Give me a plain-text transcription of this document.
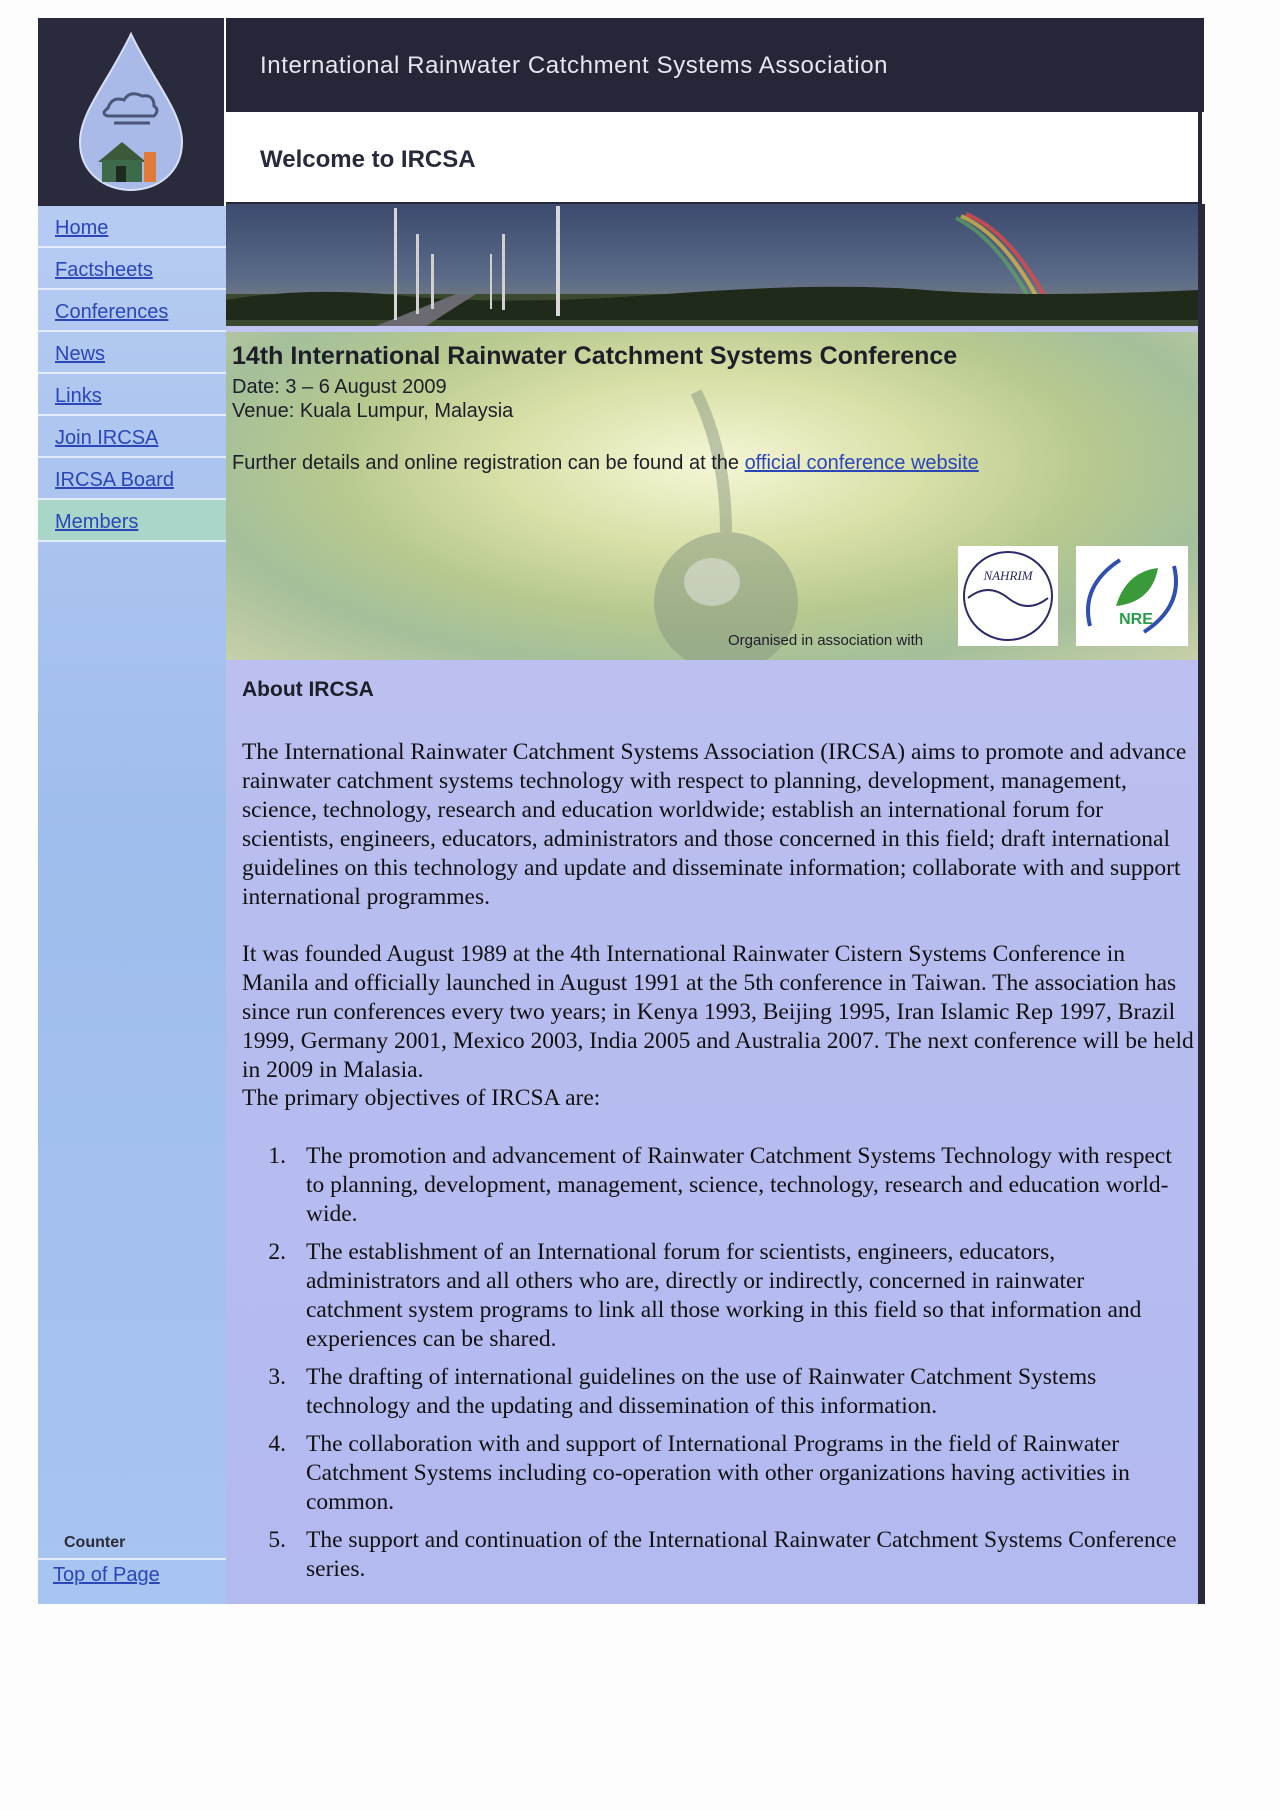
International Rainwater Catchment Systems Association
Welcome to IRCSA
Home
Factsheets
Conferences
News
Links
Join IRCSA
IRCSA Board
Members
Counter
Top of Page
14th International Rainwater Catchment Systems Conference
Date: 3 – 6 August 2009
Venue: Kuala Lumpur, Malaysia
Further details and online registration can be found at the official conference website
Organised in association with
NAHRIM
NRE
About IRCSA

The International Rainwater Catchment Systems Association (IRCSA) aims to promote and advance rainwater catchment systems technology with respect to planning, development, management, science, technology, research and education worldwide; establish an international forum for scientists, engineers, educators, administrators and those concerned in this field; draft international guidelines on this technology and update and disseminate information; collaborate with and support international programmes.

It was founded August 1989 at the 4th International Rainwater Cistern Systems Conference in Manila and officially launched in August 1991 at the 5th conference in Taiwan. The association has since run conferences every two years; in Kenya 1993, Beijing 1995, Iran Islamic Rep 1997, Brazil 1999, Germany 2001, Mexico 2003, India 2005 and Australia 2007. The next conference will be held in 2009 in Malasia.

The primary objectives of IRCSA are:

1. The promotion and advancement of Rainwater Catchment Systems Technology with respect to planning, development, management, science, technology, research and education world-wide.
2. The establishment of an International forum for scientists, engineers, educators, administrators and all others who are, directly or indirectly, concerned in rainwater catchment system programs to link all those working in this field so that information and experiences can be shared.
3. The drafting of international guidelines on the use of Rainwater Catchment Systems technology and the updating and dissemination of this information.
4. The collaboration with and support of International Programs in the field of Rainwater Catchment Systems including co-operation with other organizations having activities in common.
5. The support and continuation of the International Rainwater Catchment Systems Conference series.
